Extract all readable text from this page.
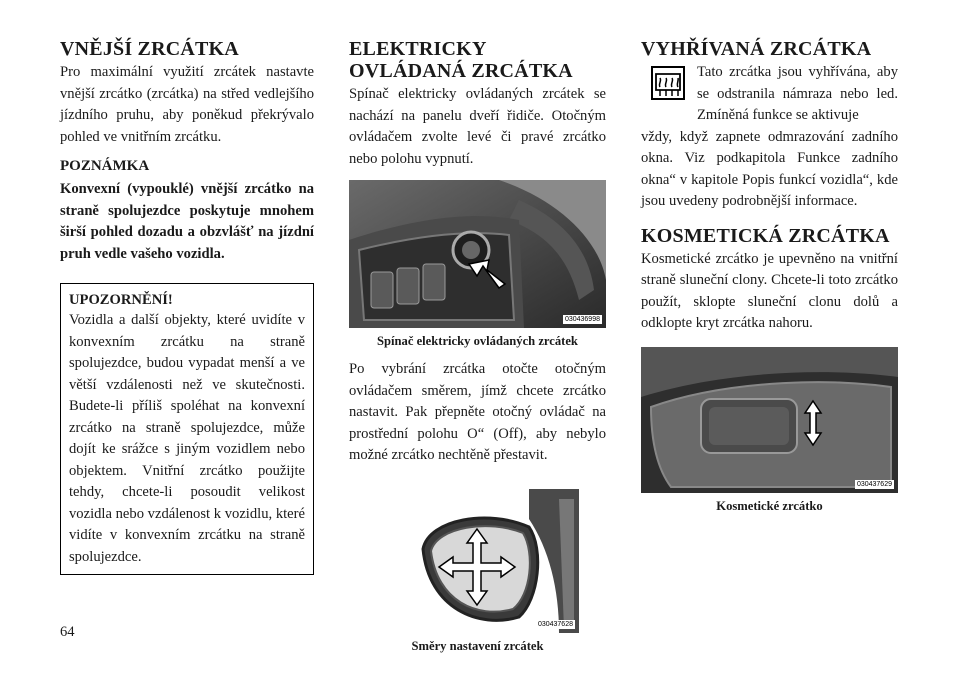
VNĚJŠÍ ZRCÁTKA

Pro maximální využití zrcátek nastavte vnější zrcátko (zrcátka) na střed vedlejšího jízdního pruhu, aby poněkud překrývalo pohled ve vnitřním zrcátku.

POZNÁMKA
Konvexní (vypouklé) vnější zrcátko na straně spolujezdce poskytuje mnohem širší pohled dozadu a obzvlášť na jízdní pruh vedle vašeho vozidla.
UPOZORNĚNÍ!

Vozidla a další objekty, které uvidíte v konvexním zrcátku na straně spolujezdce, budou vypadat menší a ve větší vzdálenosti než ve skutečnosti. Budete-li příliš spoléhat na konvexní zrcátko na straně spolujezdce, může dojít ke srážce s jiným vozidlem nebo objektem. Vnitřní zrcátko použijte tehdy, chcete-li posoudit velikost vozidla nebo vzdálenost k vozidlu, které vidíte v konvexním zrcátku na straně spolujezdce.

ELEKTRICKY OVLÁDANÁ ZRCÁTKA

Spínač elektricky ovládaných zrcátek se nachází na panelu dveří řidiče. Otočným ovládačem zvolte levé či pravé zrcátko nebo polohu vypnutí.

030436998
Spínač elektricky ovládaných zrcátek

Po vybrání zrcátka otočte otočným ovládačem směrem, jímž chcete zrcátko nastavit. Pak přepněte otočný ovládač na prostřední polohu O“ (Off), aby nebylo možné zrcátko nechtěně přestavit.

030437628
Směry nastavení zrcátek
VYHŘÍVANÁ ZRCÁTKA

Tato zrcátka jsou vyhřívána, aby se odstranila námraza nebo led. Zmíněná funkce se aktivuje

vždy, když zapnete odmrazování zadního okna. Viz podkapitola Funkce zadního okna“ v kapitole Popis funkcí vozidla“, kde jsou uvedeny podrobnější informace.

KOSMETICKÁ ZRCÁTKA

Kosmetické zrcátko je upevněno na vnitřní straně sluneční clony. Chcete-li toto zrcátko použít, sklopte sluneční clonu dolů a odklopte kryt zrcátka nahoru.

030437629
Kosmetické zrcátko
64
